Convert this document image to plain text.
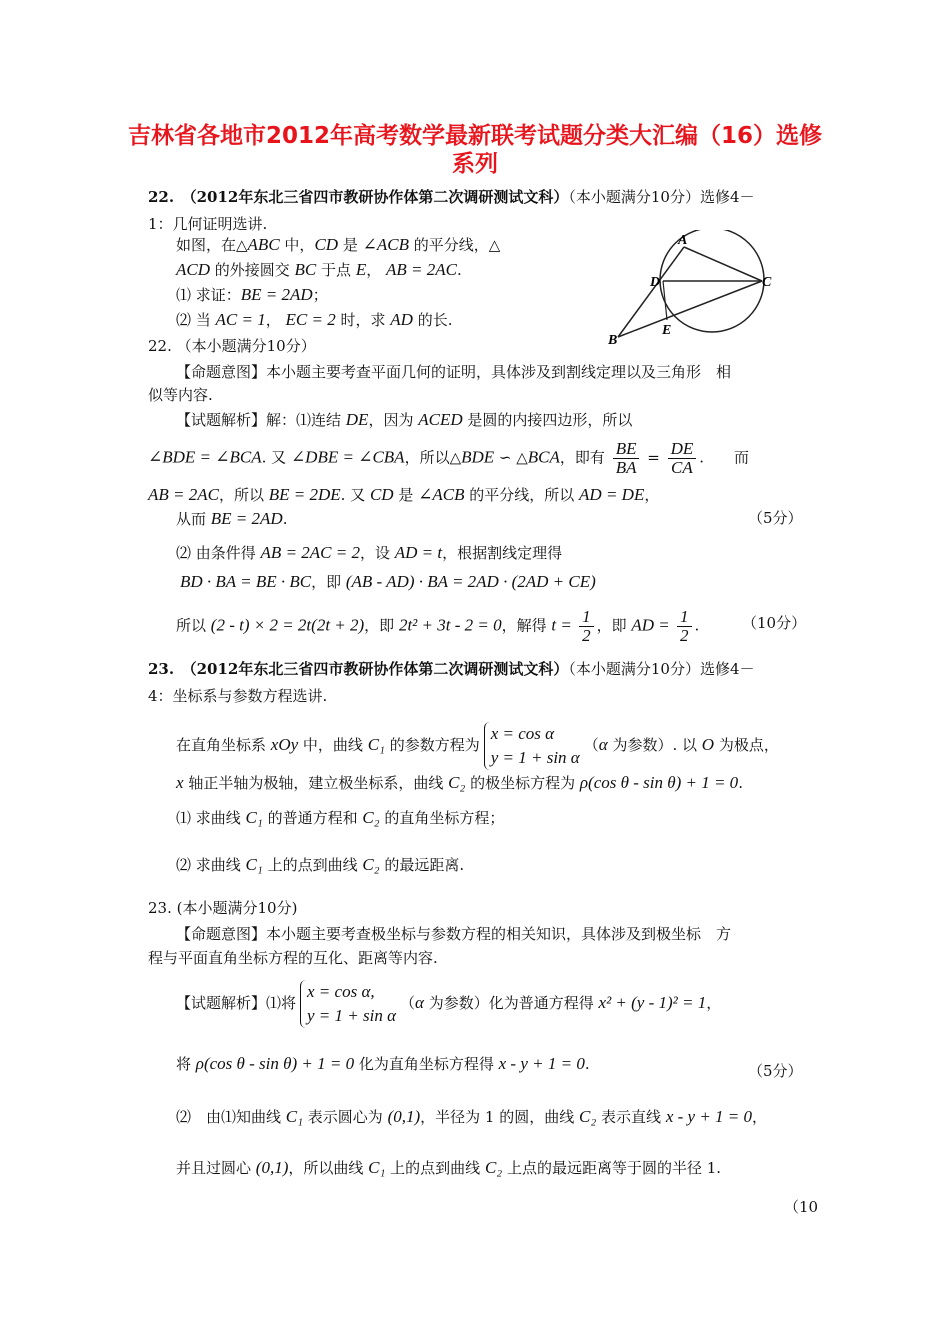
吉林省各地市2012年高考数学最新联考试题分类大汇编（16）选修
系列
22.　 （2012年东北三省四市教研协作体第二次调研测试文科）（本小题满分10分）选修4－
1：几何证明选讲.
如图，在△ABC 中，CD 是 ∠ACB 的平分线，△
ACD 的外接圆交 BC 于点 E， AB = 2AC.
⑴ 求证：BE = 2AD；
⑵ 当 AC = 1， EC = 2 时，求 AD 的长.
A
D	C
E
B
22. （本小题满分10分）
【命题意图】本小题主要考查平面几何的证明，具体涉及到割线定理以及三角形　相
似等内容.
【试题解析】解：⑴连结 DE，因为 ACED 是圆的内接四边形，所以
∠BDE = ∠BCA. 又 ∠DBE = ∠CBA，所以△BDE ∽ △BCA，即有 $\frac{BE}{BA} = \frac{DE}{CA}$ .　　而
AB = 2AC，所以 BE = 2DE. 又 CD 是 ∠ACB 的平分线，所以 AD = DE，
从而 BE = 2AD.	（5分）
⑵ 由条件得 AB = 2AC = 2，设 AD = t，根据割线定理得
BD · BA = BE · BC，即 (AB - AD) · BA = 2AD · (2AD + CE)
所以 (2 - t) × 2 = 2t(2t + 2)，即 2t² + 3t - 2 = 0，解得 $t = \frac{1}{2}$ ，即 AD = $\frac{1}{2}$ .	（10分）
23.　 （2012年东北三省四市教研协作体第二次调研测试文科）（本小题满分10分）选修4－
4：坐标系与参数方程选讲.
在直角坐标系 xOy 中，曲线 C₁ 的参数方程为
x = cos α
y = 1 + sin α
（α 为参数）. 以 O 为极点，
x 轴正半轴为极轴，建立极坐标系，曲线 C₂ 的极坐标方程为 ρ(cos θ - sin θ) + 1 = 0.
⑴ 求曲线 C₁ 的普通方程和 C₂ 的直角坐标方程；
⑵ 求曲线 C₁ 上的点到曲线 C₂ 的最远距离.
23. (本小题满分10分)
【命题意图】本小题主要考查极坐标与参数方程的相关知识，具体涉及到极坐标　方
程与平面直角坐标方程的互化、距离等内容.
【试题解析】⑴将
x = cos α,
y = 1 + sin α
（α 为参数）化为普通方程得 x² + (y - 1)² = 1，
将 ρ(cos θ - sin θ) + 1 = 0 化为直角坐标方程得 x - y + 1 = 0.	（5分）
⑵　由⑴知曲线 C₁ 表示圆心为 (0,1)，半径为 1 的圆，曲线 C₂ 表示直线 x - y + 1 = 0，
并且过圆心 (0,1)，所以曲线 C₁ 上的点到曲线 C₂ 上点的最远距离等于圆的半径 1.
（10
